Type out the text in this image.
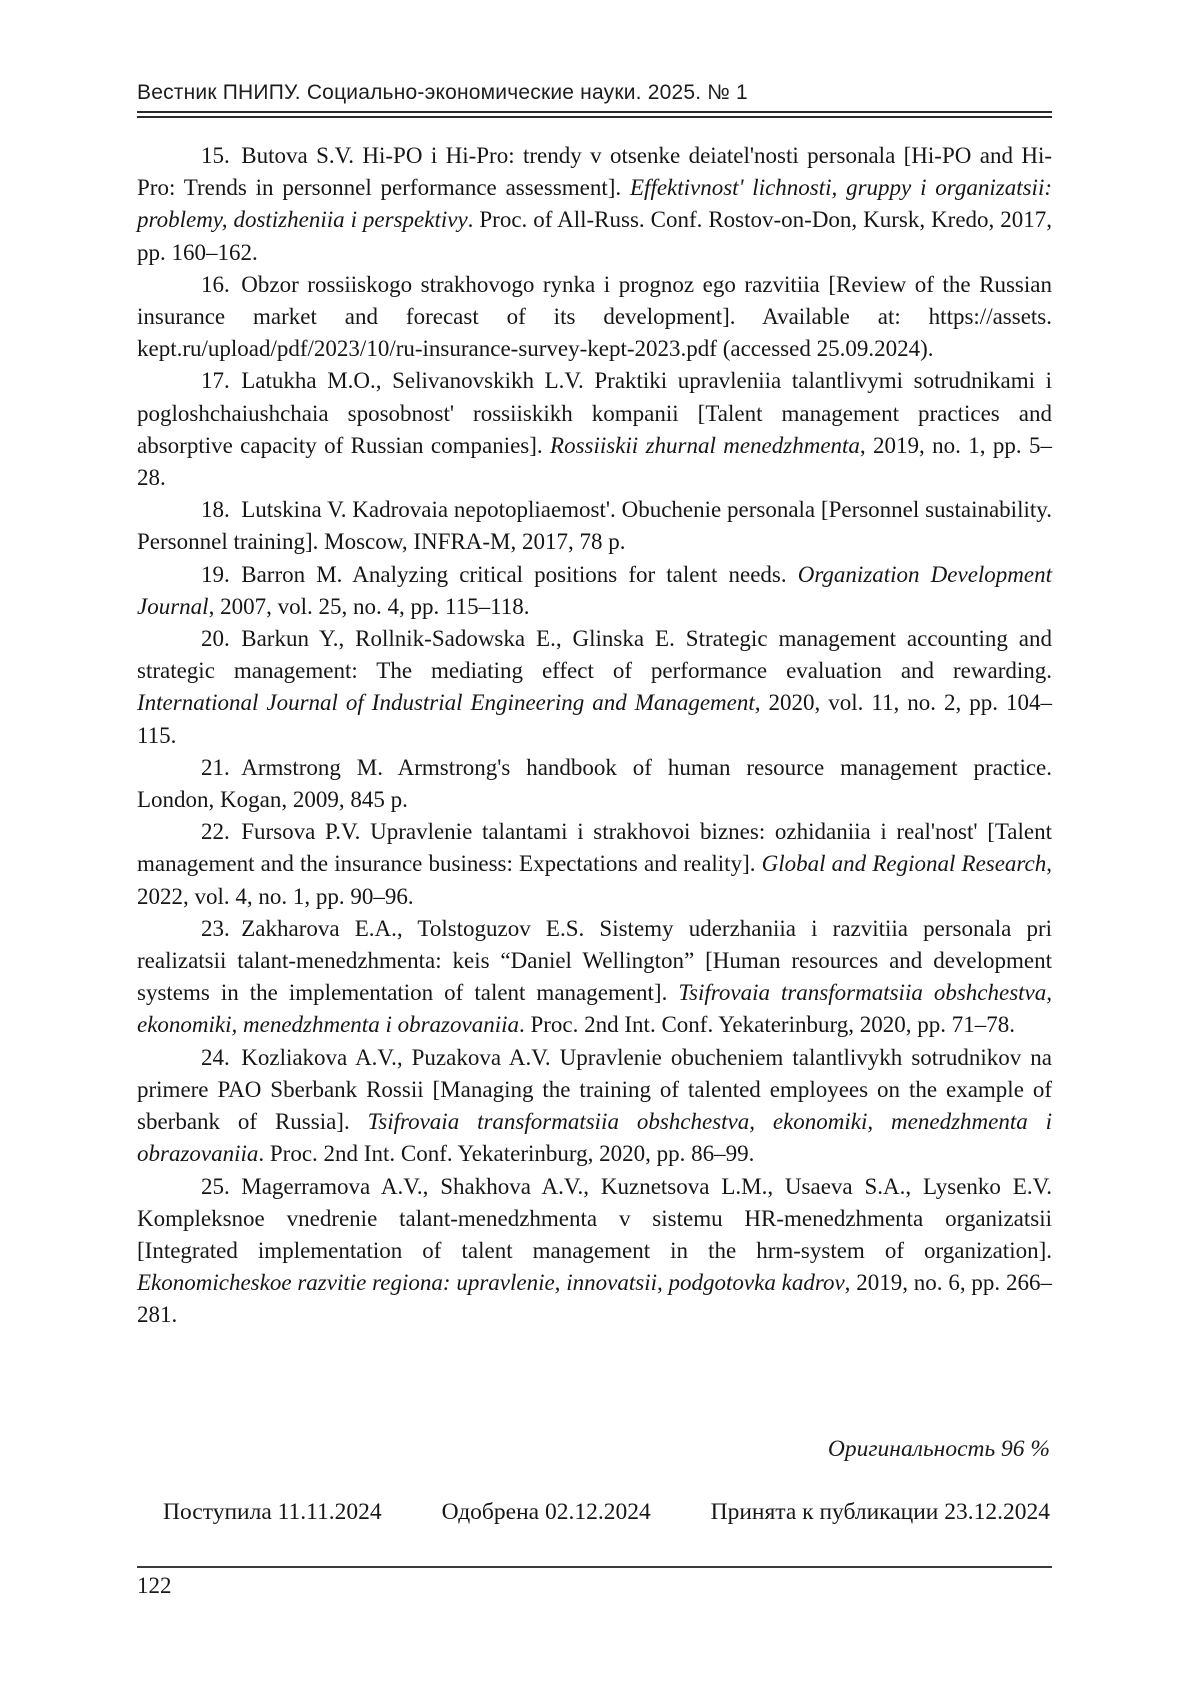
Вестник ПНИПУ. Социально-экономические науки. 2025. № 1

15. Butova S.V. Hi-PO i Hi-Pro: trendy v otsenke deiatel'nosti personala [Hi-PO and Hi-Pro: Trends in personnel performance assessment]. Effektivnost' lichnosti, gruppy i organizatsii: problemy, dostizheniia i perspektivy. Proc. of All-Russ. Conf. Rostov-on-Don, Kursk, Kredo, 2017, pp. 160–162.

16. Obzor rossiiskogo strakhovogo rynka i prognoz ego razvitiia [Review of the Russian insurance market and forecast of its development]. Available at: https://assets. kept.ru/upload/pdf/2023/10/ru-insurance-survey-kept-2023.pdf (accessed 25.09.2024).

17. Latukha M.O., Selivanovskikh L.V. Praktiki upravleniia talantlivymi sotrudnikami i pogloshchaiushchaia sposobnost' rossiiskikh kompanii [Talent management practices and absorptive capacity of Russian companies]. Rossiiskii zhurnal menedzhmenta, 2019, no. 1, pp. 5–28.

18. Lutskina V. Kadrovaia nepotopliaemost'. Obuchenie personala [Personnel sustainability. Personnel training]. Moscow, INFRA-M, 2017, 78 p.

19. Barron M. Analyzing critical positions for talent needs. Organization Development Journal, 2007, vol. 25, no. 4, pp. 115–118.

20. Barkun Y., Rollnik-Sadowska E., Glinska E. Strategic management accounting and strategic management: The mediating effect of performance evaluation and rewarding. International Journal of Industrial Engineering and Management, 2020, vol. 11, no. 2, pp. 104–115.

21. Armstrong M. Armstrong's handbook of human resource management practice. London, Kogan, 2009, 845 p.

22. Fursova P.V. Upravlenie talantami i strakhovoi biznes: ozhidaniia i real'nost' [Talent management and the insurance business: Expectations and reality]. Global and Regional Research, 2022, vol. 4, no. 1, pp. 90–96.

23. Zakharova E.A., Tolstoguzov E.S. Sistemy uderzhaniia i razvitiia personala pri realizatsii talant-menedzhmenta: keis “Daniel Wellington” [Human resources and development systems in the implementation of talent management]. Tsifrovaia transformatsiia obshchestva, ekonomiki, menedzhmenta i obrazovaniia. Proc. 2nd Int. Conf. Yekaterinburg, 2020, pp. 71–78.

24. Kozliakova A.V., Puzakova A.V. Upravlenie obucheniem talantlivykh sotrudnikov na primere PAO Sberbank Rossii [Managing the training of talented employees on the example of sberbank of Russia]. Tsifrovaia transformatsiia obshchestva, ekonomiki, menedzhmenta i obrazovaniia. Proc. 2nd Int. Conf. Yekaterinburg, 2020, pp. 86–99.

25. Magerramova A.V., Shakhova A.V., Kuznetsova L.M., Usaeva S.A., Lysenko E.V. Kompleksnoe vnedrenie talant-menedzhmenta v sistemu HR-menedzhmenta organizatsii [Integrated implementation of talent management in the hrm-system of organization]. Ekonomicheskoe razvitie regiona: upravlenie, innovatsii, podgotovka kadrov, 2019, no. 6, pp. 266–281.

Оригинальность 96 %
Поступила 11.11.2024	Одобрена 02.12.2024	Принята к публикации 23.12.2024
122
